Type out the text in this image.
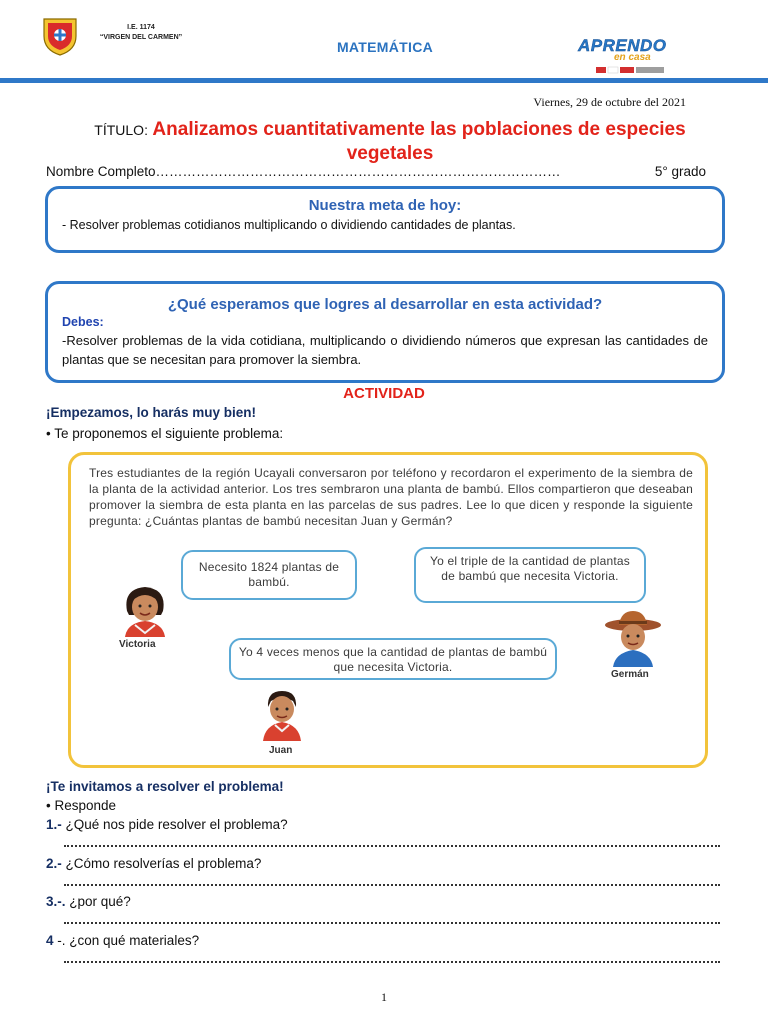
I.E. 1174
“VIRGEN DEL CARMEN”
MATEMÁTICA	APRENDO
en casa
Viernes, 29 de octubre del 2021
TÍTULO: Analizamos cuantitativamente las poblaciones de especies vegetales
Nombre Completo………………………………………………………………………………	5° grado
Nuestra meta de hoy:

- Resolver problemas cotidianos multiplicando o dividiendo cantidades de plantas.

¿Qué esperamos que logres al desarrollar en esta actividad?
Debes:

-Resolver problemas de la vida cotidiana, multiplicando o dividiendo números que expresan las cantidades de plantas que se necesitan para promover la siembra.

ACTIVIDAD
¡Empezamos, lo harás muy bien!
• Te proponemos el siguiente problema:
Tres estudiantes de la región Ucayali conversaron por teléfono y recordaron el experimento de la siembra de la planta de la actividad anterior. Los tres sembraron una planta de bambú. Ellos compartieron que deseaban promover la siembra de esta planta en las parcelas de sus padres. Lee lo que dicen y responde la siguiente pregunta: ¿Cuántas plantas de bambú necesitan Juan y Germán?
Necesito 1824 plantas de bambú.
Yo el triple de la cantidad de plantas de bambú que necesita Victoria.
Yo 4 veces menos que la cantidad de plantas de bambú que necesita Victoria.
Victoria
Germán
Juan
¡Te invitamos a resolver el problema!
• Responde
1.- ¿Qué nos pide resolver el problema?
2.- ¿Cómo resolverías el problema?
3.-. ¿por qué?
4 -. ¿con qué materiales?
1
